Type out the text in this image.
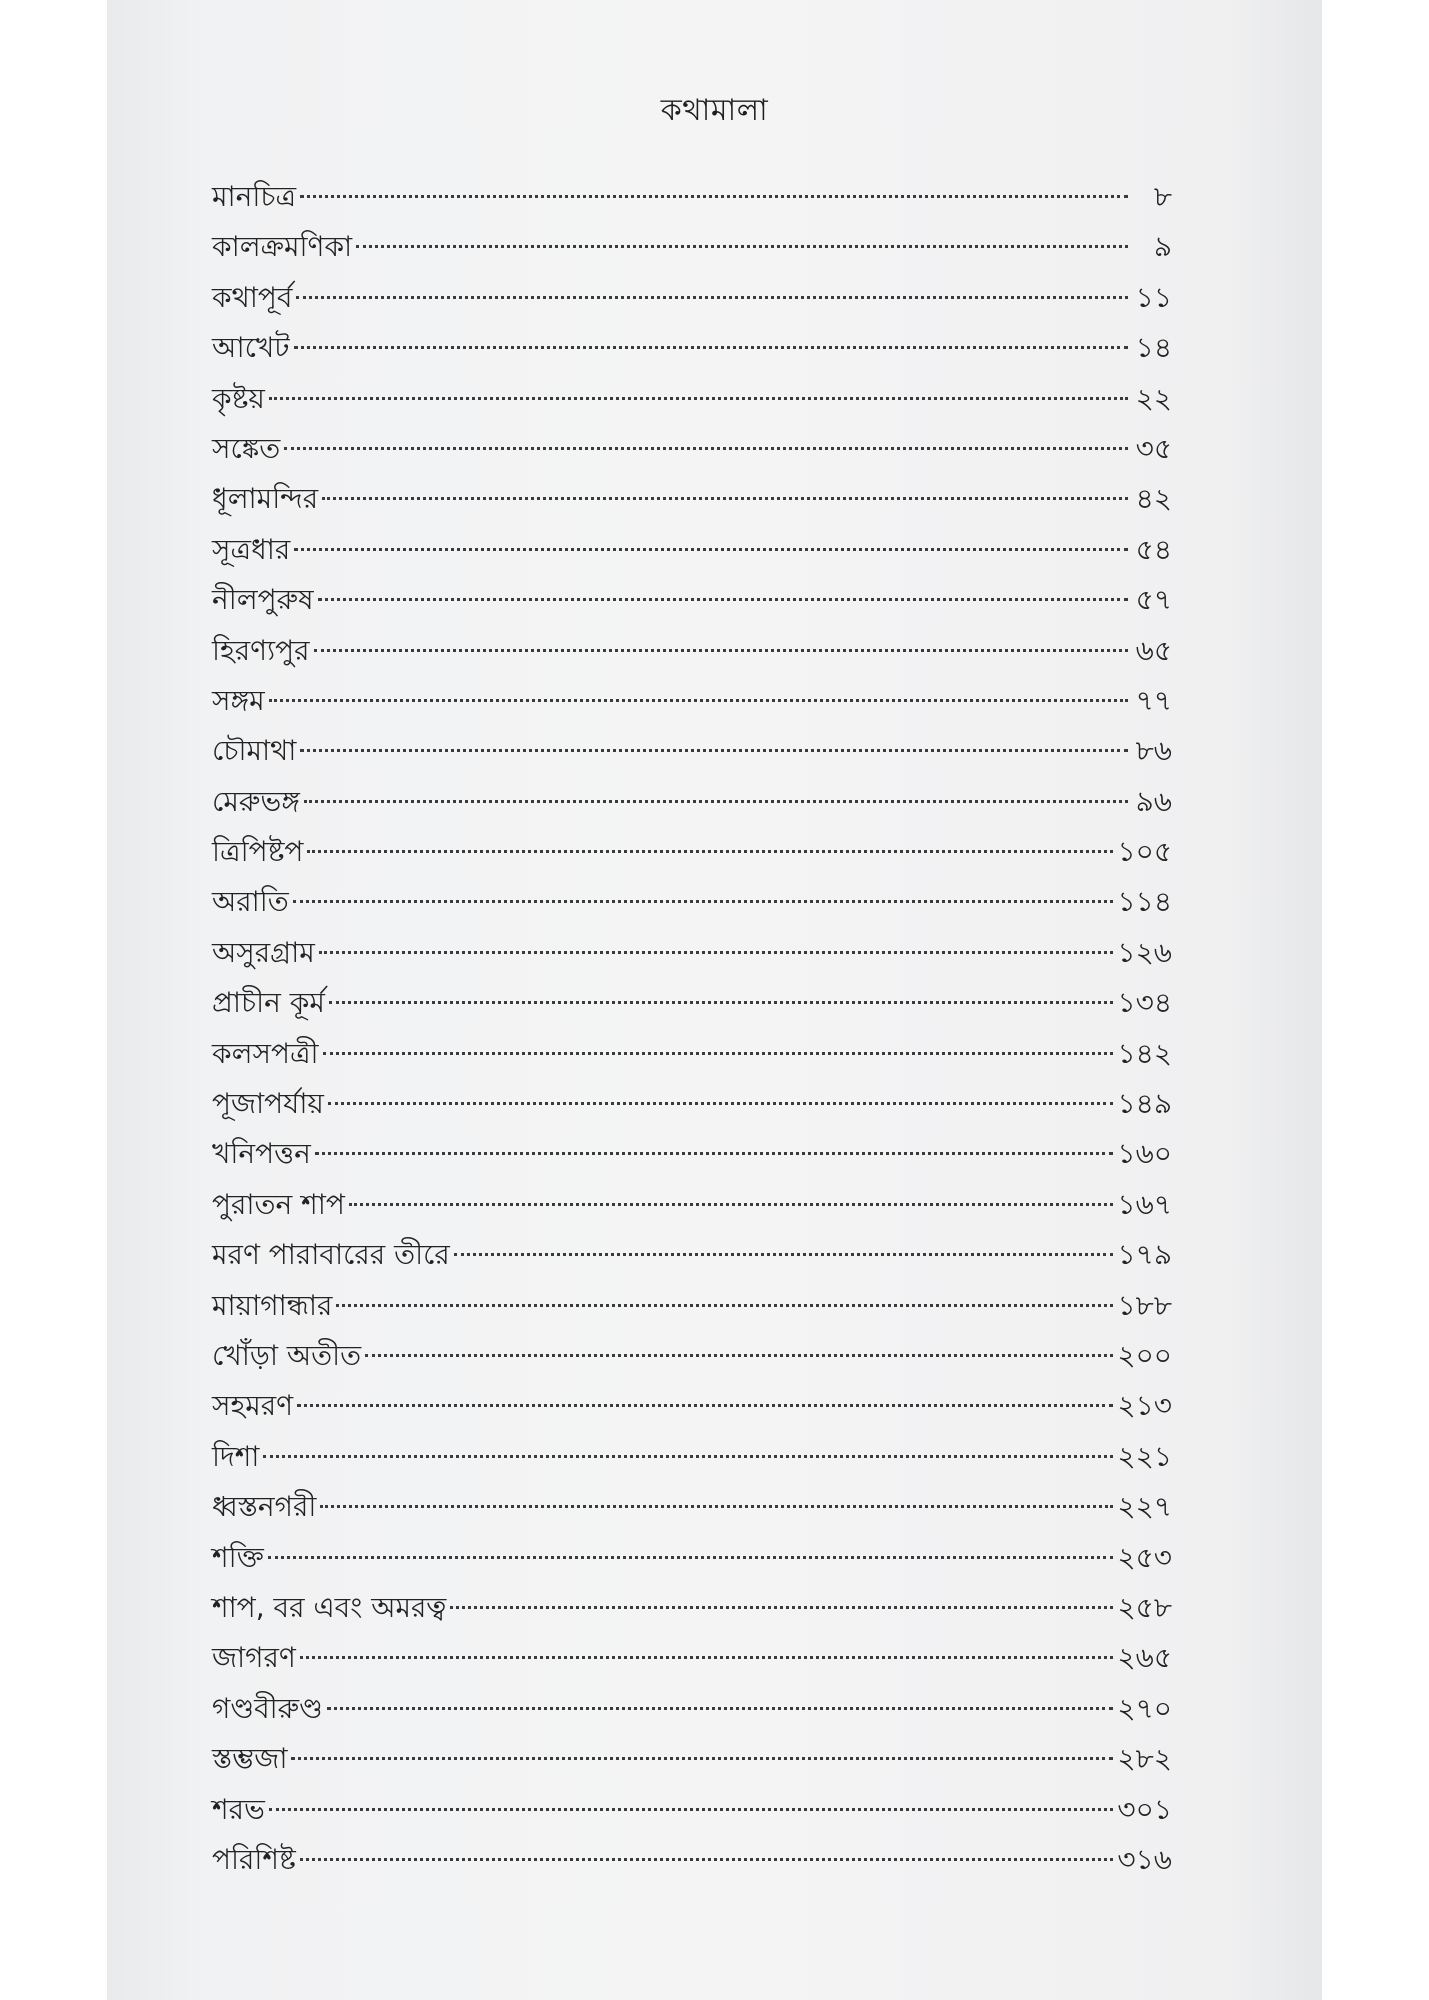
কথামালা
মানচিত্র	৮
কালক্রমণিকা	৯
কথাপূর্ব	১১
আখেট	১৪
কৃষ্টয়	২২
সঙ্কেত	৩৫
ধূলামন্দির	৪২
সূত্রধার	৫৪
নীলপুরুষ	৫৭
হিরণ্যপুর	৬৫
সঙ্গম	৭৭
চৌমাথা	৮৬
মেরুভঙ্গ	৯৬
ত্রিপিষ্টপ	১০৫
অরাতি	১১৪
অসুরগ্রাম	১২৬
প্রাচীন কূর্ম	১৩৪
কলসপত্রী	১৪২
পূজাপর্যায়	১৪৯
খনিপত্তন	১৬০
পুরাতন শাপ	১৬৭
মরণ পারাবারের তীরে	১৭৯
মায়াগান্ধার	১৮৮
খোঁড়া অতীত	২০০
সহমরণ	২১৩
দিশা	২২১
ধ্বস্তনগরী	২২৭
শক্তি	২৫৩
শাপ, বর এবং অমরত্ব	২৫৮
জাগরণ	২৬৫
গণ্ডবীরুণ্ড	২৭০
স্তম্ভজা	২৮২
শরভ	৩০১
পরিশিষ্ট	৩১৬
